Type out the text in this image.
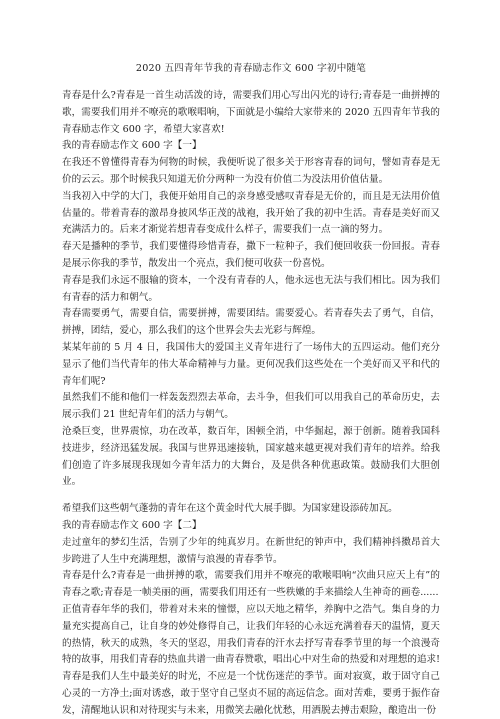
2020 五四青年节我的青春励志作文 600 字初中随笔

青春是什么?青春是一首生动活泼的诗，需要我们用心写出闪光的诗行;青春是一曲拼搏的歌，需要我们用并不嘹亮的歌喉唱响，下面就是小编给大家带来的 2020 五四青年节我的青春励志作文 600 字，希望大家喜欢!

我的青春励志作文 600 字【一】

在我还不曾懂得青春为何物的时候，我便听说了很多关于形容青春的词句，譬如青春是无价的云云。那个时候我只知道无价分两种一为没有价值二为没法用价值估量。

当我初入中学的大门，我便开始用自己的亲身感受感叹青春是无价的，而且是无法用价值估量的。带着青春的激昂身披风华正茂的战袍，我开始了我的初中生活。青春是美好而又充满活力的。后来才渐觉若想青春变成什么样子，需要我们一点一滴的努力。

春天是播种的季节，我们要懂得珍惜青春，撒下一粒种子，我们便回收获一份回报。青春是展示你我的季节，散发出一个亮点，我们便可收获一份喜悦。

青春是我们永远不服输的资本，一个没有青春的人，他永远也无法与我们相比。因为我们有青春的活力和朝气。

青春需要勇气，需要自信，需要拼搏，需要团结。需要爱心。若青春失去了勇气，自信，拼搏，团结，爱心，那么我们的这个世界会失去光彩与辉煌。

某某年前的 5 月 4 日，我国伟大的爱国主义青年进行了一场伟大的五四运动。他们充分显示了他们当代青年的伟大革命精神与力量。更何况我们这些处在一个美好而又平和代的青年们呢?

虽然我们不能和他们一样轰轰烈烈去革命，去斗争，但我们可以用我自己的革命历史，去展示我们 21 世纪青年们的活力与朝气。

沧桑巨变，世界震惊，功在改革，数百年，困顿全消，中华掘起，源于创新。随着我国科技进步，经济迅猛发展。我国与世界迅速接轨，国家越来越更视对我们青年的培养。给我们创造了许多展现我现如今青年活力的大舞台，及是供各种优惠政策。鼓励我们大胆创业。

希望我们这些朝气蓬勃的青年在这个黄金时代大展手脚。为国家建设添砖加瓦。

我的青春励志作文 600 字【二】

走过童年的梦幻生活，告别了少年的纯真岁月。在新世纪的钟声中，我们精神抖擞昂首大步跨进了人生中充满理想，激情与浪漫的青春季节。

青春是什么?青春是一曲拼搏的歌，需要我们用并不嘹亮的歌喉唱响“次曲只应天上有”的青春之歌;青春是一帧美丽的画，需要我们用还有一些秩嫩的手来描绘人生神奇的画卷......

正值青春年华的我们，带着对未来的憧憬，应以天地之精华，养胸中之浩气。集自身的力量充实提高自己，让自身的妙处修得自己，让我们年轻的心永远充满着春天的温情，夏天的热情，秋天的成熟，冬天的坚忍，用我们青春的汗水去抒写青春季节里的每一个浪漫奇特的故事，用我们青春的热血共谱一曲青春赞歌，唱出心中对生命的热爱和对理想的追求!

青春是我们人生中最美好的时光，不应是一个忧伤迷茫的季节。面对寂寞，敢于固守自己心灵的一方净土;面对诱惑，敢于坚守自己坚贞不屈的高远信念。面对苦难，要勇于振作奋发，清醒地认识和对待现实与未来，用微笑去融化忧愁，用洒脱去搏击艰险，酿造出一份
